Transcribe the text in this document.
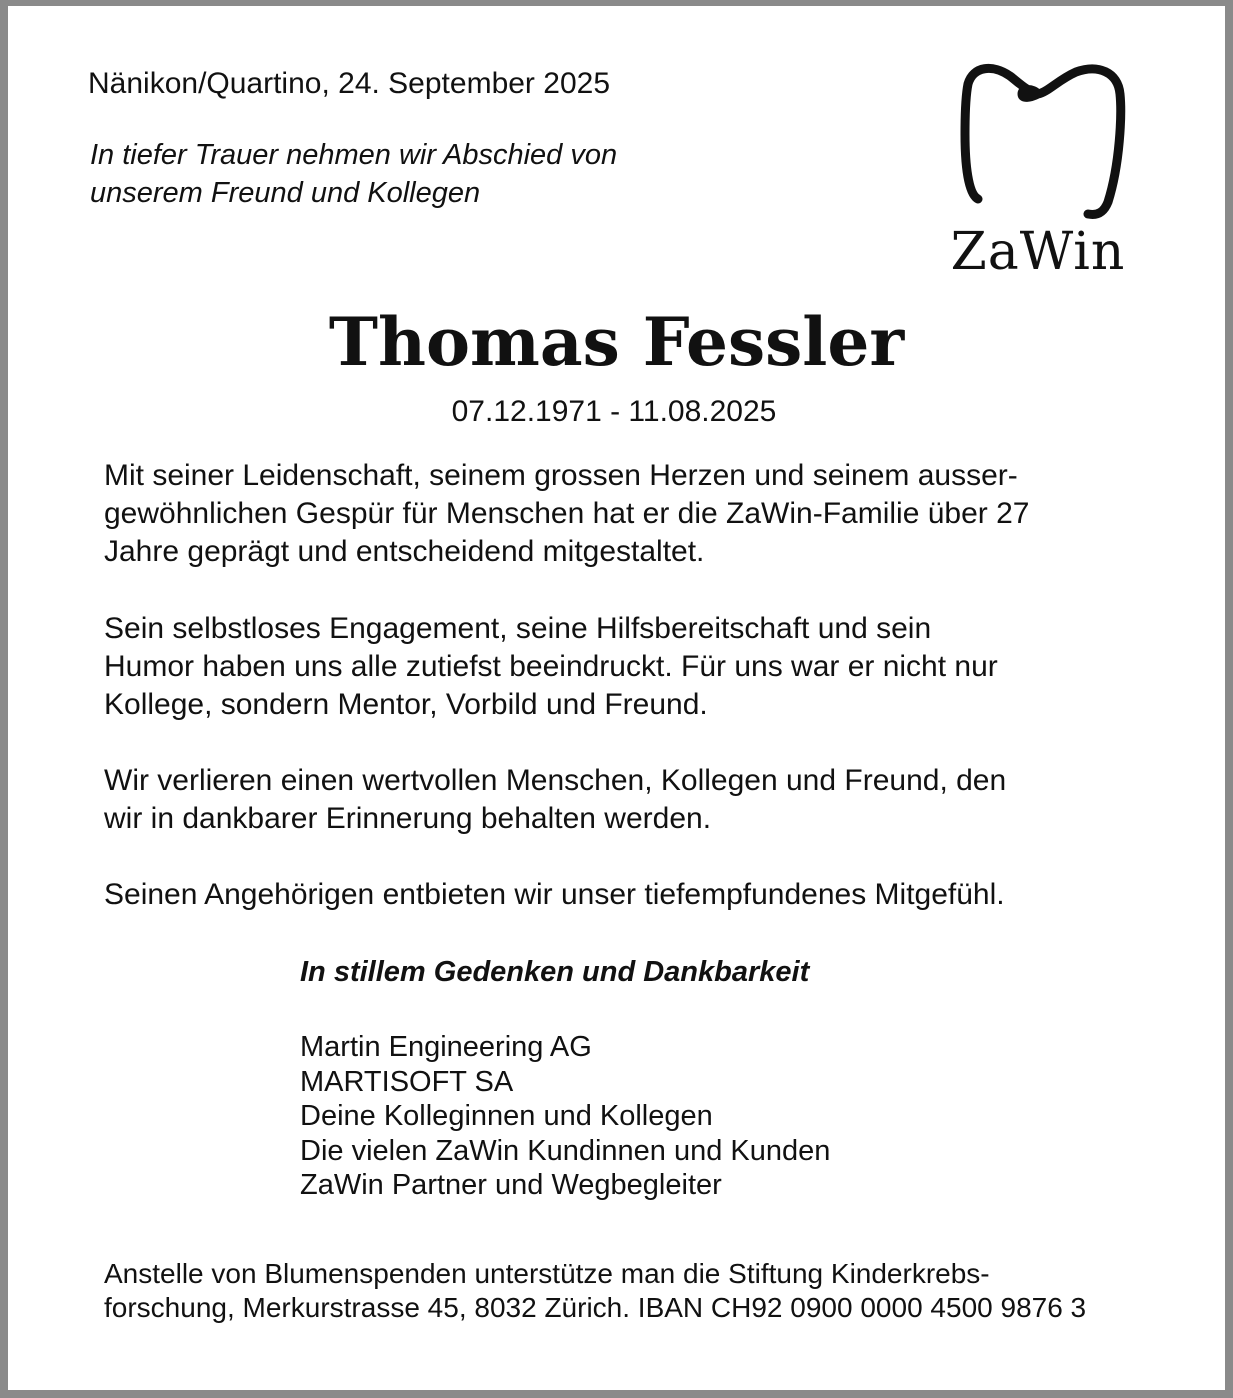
Nänikon/Quartino, 24. September 2025
In tiefer Trauer nehmen wir Abschied von
unserem Freund und Kollegen
ZaWin
Thomas Fessler
07.12.1971 - 11.08.2025
Mit seiner Leidenschaft, seinem grossen Herzen und seinem ausser-
gewöhnlichen Gespür für Menschen hat er die ZaWin-Familie über 27
Jahre geprägt und entscheidend mitgestaltet.
Sein selbstloses Engagement, seine Hilfsbereitschaft und sein
Humor haben uns alle zutiefst beeindruckt. Für uns war er nicht nur
Kollege, sondern Mentor, Vorbild und Freund.
Wir verlieren einen wertvollen Menschen, Kollegen und Freund, den
wir in dankbarer Erinnerung behalten werden.
Seinen Angehörigen entbieten wir unser tiefempfundenes Mitgefühl.
In stillem Gedenken und Dankbarkeit
Martin Engineering AG
MARTISOFT SA
Deine Kolleginnen und Kollegen
Die vielen ZaWin Kundinnen und Kunden
ZaWin Partner und Wegbegleiter
Anstelle von Blumenspenden unterstütze man die Stiftung Kinderkrebs-
forschung, Merkurstrasse 45, 8032 Zürich. IBAN CH92 0900 0000 4500 9876 3
